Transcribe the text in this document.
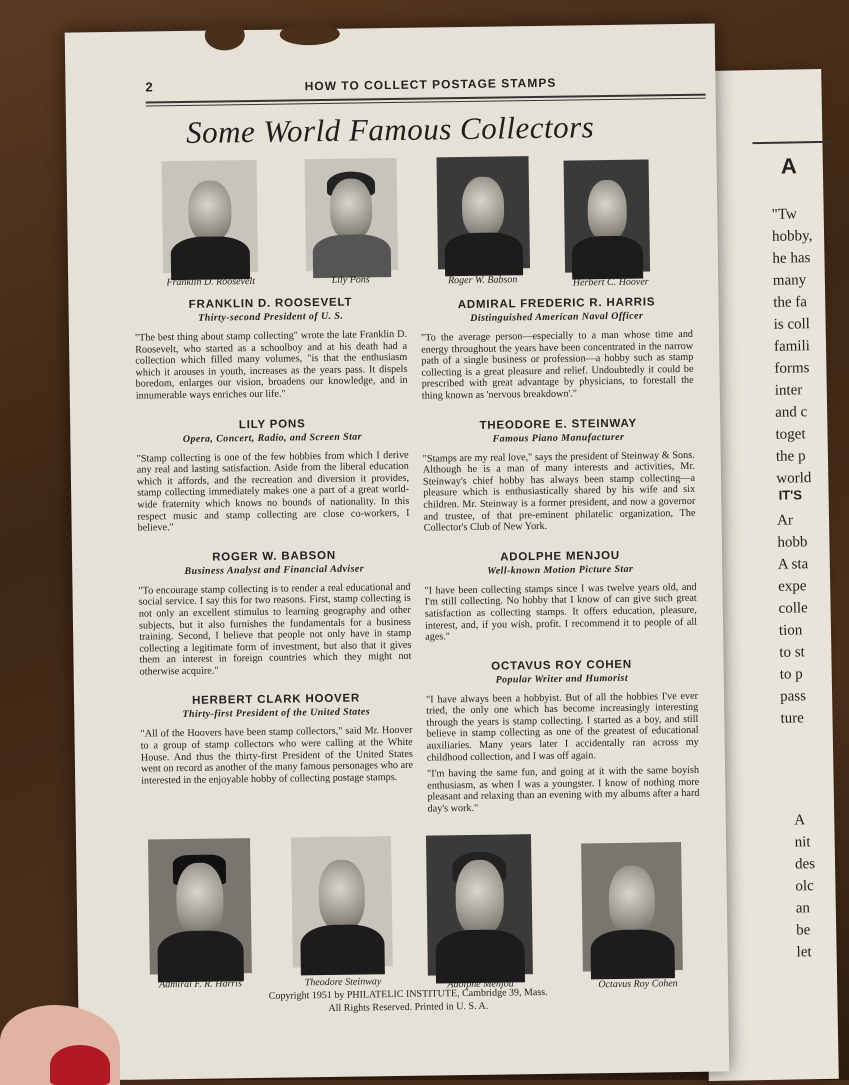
A
"Tw
hobby,
he has
many
the fa
is coll
famili
forms
inter
and c
toget
the p
world
IT'S
Ar
hobb
A sta
expe
colle
tion
to st
to p
pass
ture
A
nit
des
olc
an
be
let
2	HOW TO COLLECT POSTAGE STAMPS
Some World Famous Collectors
Franklin D. Roosevelt	Lily Pons	Roger W. Babson	Herbert C. Hoover
FRANKLIN D. ROOSEVELT
Thirty-second President of U. S.
"The best thing about stamp collecting" wrote the late Franklin D. Roosevelt, who started as a schoolboy and at his death had a collection which filled many volumes, "is that the enthusiasm which it arouses in youth, increases as the years pass. It dispels boredom, enlarges our vision, broadens our knowledge, and in innumerable ways enriches our life."
LILY PONS
Opera, Concert, Radio, and Screen Star
"Stamp collecting is one of the few hobbies from which I derive any real and lasting satisfaction. Aside from the liberal education which it affords, and the recreation and diversion it provides, stamp collecting immediately makes one a part of a great world-wide fraternity which knows no bounds of nationality. In this respect music and stamp collecting are close co-workers, I believe."
ROGER W. BABSON
Business Analyst and Financial Adviser
"To encourage stamp collecting is to render a real educational and social service. I say this for two reasons. First, stamp collecting is not only an excellent stimulus to learning geography and other subjects, but it also furnishes the fundamentals for a business training. Second, I believe that people not only have in stamp collecting a legitimate form of investment, but also that it gives them an interest in foreign countries which they might not otherwise acquire."
HERBERT CLARK HOOVER
Thirty-first President of the United States
"All of the Hoovers have been stamp collectors," said Mr. Hoover to a group of stamp collectors who were calling at the White House. And thus the thirty-first President of the United States went on record as another of the many famous personages who are interested in the enjoyable hobby of collecting postage stamps.
ADMIRAL FREDERIC R. HARRIS
Distinguished American Naval Officer
"To the average person—especially to a man whose time and energy throughout the years have been concentrated in the narrow path of a single business or profession—a hobby such as stamp collecting is a great pleasure and relief. Undoubtedly it could be prescribed with great advantage by physicians, to forestall the thing known as 'nervous breakdown'."
THEODORE E. STEINWAY
Famous Piano Manufacturer
"Stamps are my real love," says the president of Steinway & Sons. Although he is a man of many interests and activities, Mr. Steinway's chief hobby has always been stamp collecting—a pleasure which is enthusiastically shared by his wife and six children. Mr. Steinway is a former president, and now a governor and trustee, of that pre-eminent philatelic organization, The Collector's Club of New York.
ADOLPHE MENJOU
Well-known Motion Picture Star
"I have been collecting stamps since I was twelve years old, and I'm still collecting. No hobby that I know of can give such great satisfaction as collecting stamps. It offers education, pleasure, interest, and, if you wish, profit. I recommend it to people of all ages."
OCTAVUS ROY COHEN
Popular Writer and Humorist
"I have always been a hobbyist. But of all the hobbies I've ever tried, the only one which has become increasingly interesting through the years is stamp collecting. I started as a boy, and still believe in stamp collecting as one of the greatest of educational auxiliaries. Many years later I accidentally ran across my childhood collection, and I was off again.
"I'm having the same fun, and going at it with the same boyish enthusiasm, as when I was a youngster. I know of nothing more pleasant and relaxing than an evening with my albums after a hard day's work."
Admiral F. R. Harris	Theodore Steinway	Adolphe Menjou	Octavus Roy Cohen
Copyright 1951 by PHILATELIC INSTITUTE, Cambridge 39, Mass.
All Rights Reserved. Printed in U. S. A.
